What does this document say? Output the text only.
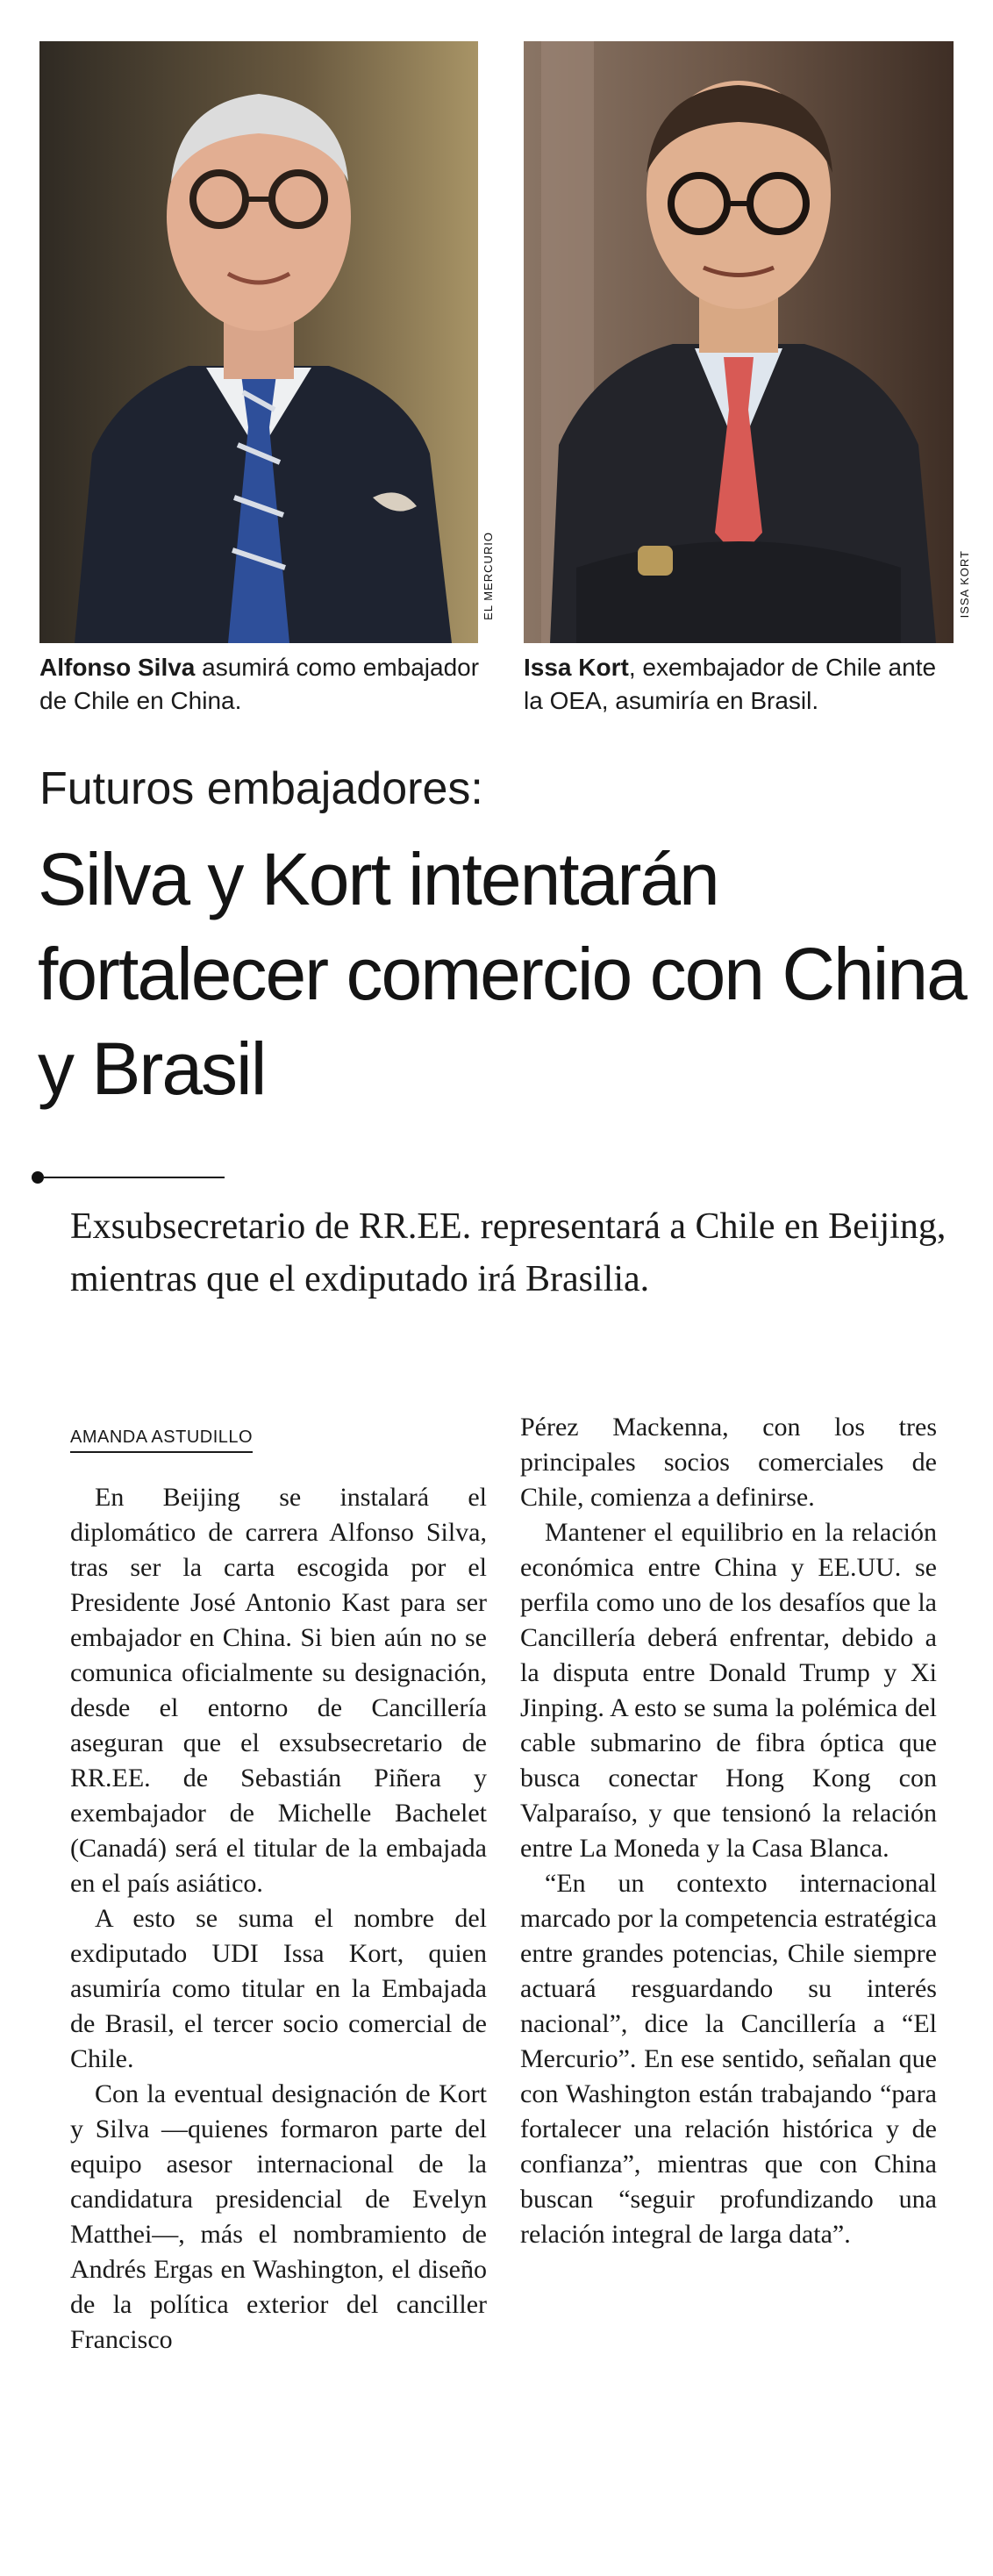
EL MERCURIO	ISSA KORT
Alfonso Silva asumirá como embajador de Chile en China.
Issa Kort, exembajador de Chile ante la OEA, asumiría en Brasil.
Futuros embajadores:
Silva y Kort intentarán fortalecer comercio con China y Brasil
Exsubsecretario de RR.EE. representará a Chile en Beijing, mientras que el exdiputado irá Brasilia.
AMANDA ASTUDILLO

En Beijing se instalará el diplomático de carrera Alfonso Silva, tras ser la carta escogida por el Presidente José Antonio Kast para ser embajador en China. Si bien aún no se comunica oficialmente su designación, desde el entorno de Cancillería aseguran que el exsubsecretario de RR.EE. de Sebastián Piñera y exembajador de Michelle Bachelet (Canadá) será el titular de la embajada en el país asiático.

A esto se suma el nombre del exdiputado UDI Issa Kort, quien asumiría como titular en la Embajada de Brasil, el tercer socio comercial de Chile.

Con la eventual designación de Kort y Silva —quienes formaron parte del equipo asesor internacional de la candidatura presidencial de Evelyn Matthei—, más el nombramiento de Andrés Ergas en Washington, el diseño de la política exterior del canciller Francisco

Pérez Mackenna, con los tres principales socios comerciales de Chile, comienza a definirse.

Mantener el equilibrio en la relación económica entre China y EE.UU. se perfila como uno de los desafíos que la Cancillería deberá enfrentar, debido a la disputa entre Donald Trump y Xi Jinping. A esto se suma la polémica del cable submarino de fibra óptica que busca conectar Hong Kong con Valparaíso, y que tensionó la relación entre La Moneda y la Casa Blanca.

“En un contexto internacional marcado por la competencia estratégica entre grandes potencias, Chile siempre actuará resguardando su interés nacional”, dice la Cancillería a “El Mercurio”. En ese sentido, señalan que con Washington están trabajando “para fortalecer una relación histórica y de confianza”, mientras que con China buscan “seguir profundizando una relación integral de larga data”.
